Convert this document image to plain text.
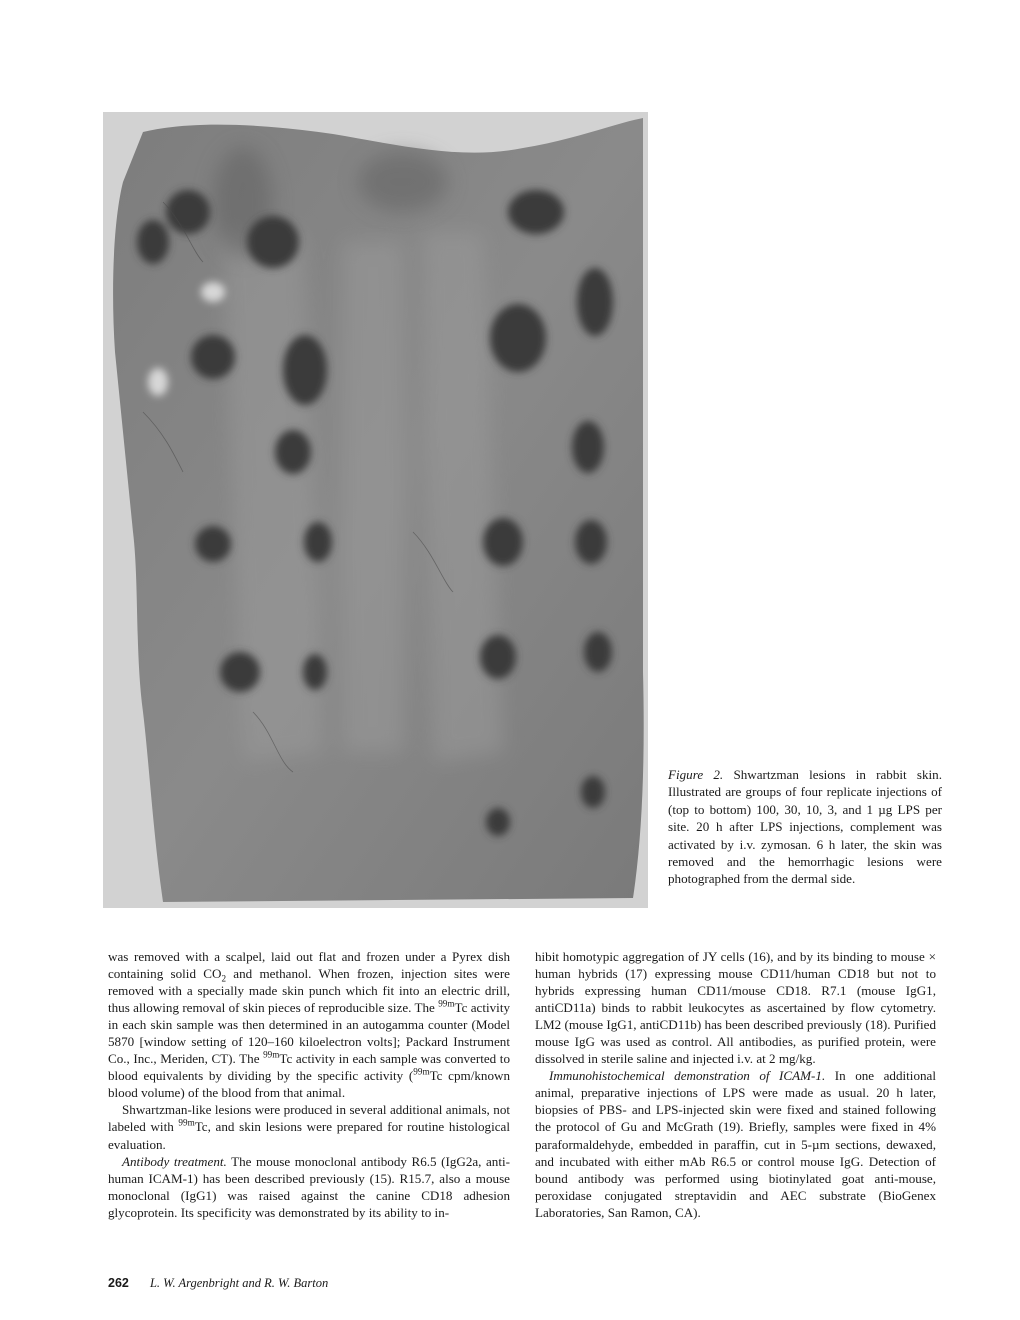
Figure 2. Shwartzman lesions in rabbit skin. Illustrated are groups of four replicate injections of (top to bottom) 100, 30, 10, 3, and 1 µg LPS per site. 20 h after LPS injections, complement was activated by i.v. zymosan. 6 h later, the skin was removed and the hemorrhagic lesions were photographed from the dermal side.

was removed with a scalpel, laid out flat and frozen under a Pyrex dish containing solid $CO_2$ and methanol. When frozen, injection sites were removed with a specially made skin punch which fit into an electric drill, thus allowing removal of skin pieces of reproducible size. The $^{99m}$Tc activity in each skin sample was then determined in an autogamma counter (Model 5870 [window setting of 120–160 kiloelectron volts]; Packard Instrument Co., Inc., Meriden, CT). The $^{99m}$Tc activity in each sample was converted to blood equivalents by dividing by the specific activity ($^{99m}$Tc cpm/known blood volume) of the blood from that animal.

Shwartzman-like lesions were produced in several additional animals, not labeled with $^{99m}$Tc, and skin lesions were prepared for routine histological evaluation.

Antibody treatment. The mouse monoclonal antibody R6.5 (IgG2a, anti-human ICAM-1) has been described previously (15). R15.7, also a mouse monoclonal (IgG1) was raised against the canine CD18 adhesion glycoprotein. Its specificity was demonstrated by its ability to in-

hibit homotypic aggregation of JY cells (16), and by its binding to mouse × human hybrids (17) expressing mouse CD11/human CD18 but not to hybrids expressing human CD11/mouse CD18. R7.1 (mouse IgG1, antiCD11a) binds to rabbit leukocytes as ascertained by flow cytometry. LM2 (mouse IgG1, antiCD11b) has been described previously (18). Purified mouse IgG was used as control. All antibodies, as purified protein, were dissolved in sterile saline and injected i.v. at 2 mg/kg.

Immunohistochemical demonstration of ICAM-1. In one additional animal, preparative injections of LPS were made as usual. 20 h later, biopsies of PBS- and LPS-injected skin were fixed and stained following the protocol of Gu and McGrath (19). Briefly, samples were fixed in 4% paraformaldehyde, embedded in paraffin, cut in 5-µm sections, dewaxed, and incubated with either mAb R6.5 or control mouse IgG. Detection of bound antibody was performed using biotinylated goat anti-mouse, peroxidase conjugated streptavidin and AEC substrate (BioGenex Laboratories, San Ramon, CA).

262 L. W. Argenbright and R. W. Barton
